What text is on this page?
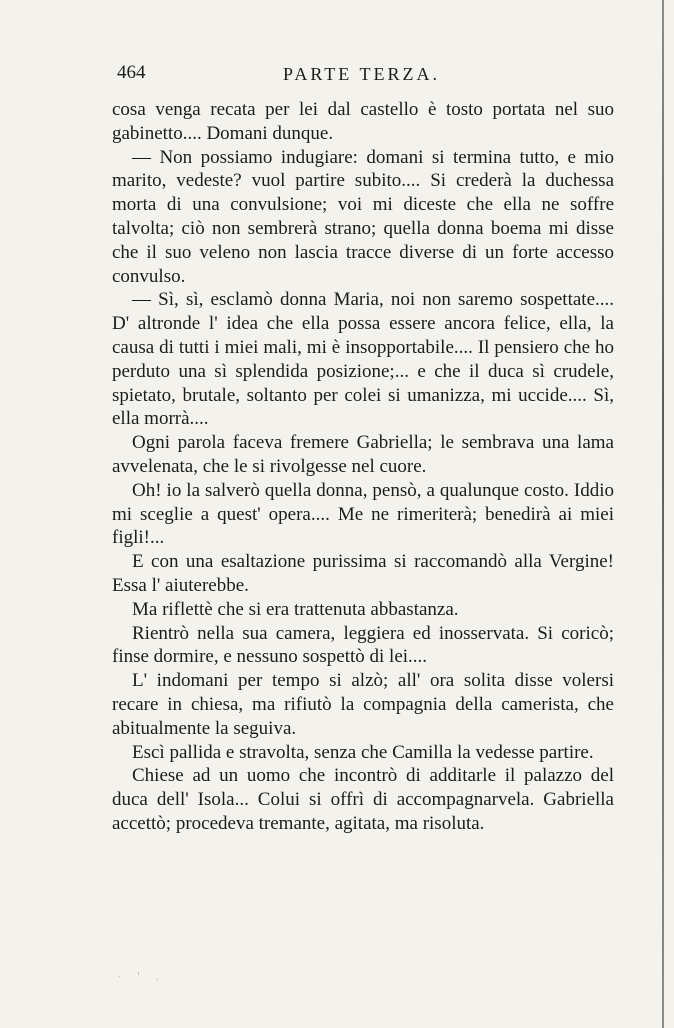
464	PARTE TERZA.

cosa venga recata per lei dal castello è tosto portata nel suo gabinetto.... Domani dunque.

— Non possiamo indugiare: domani si termina tutto, e mio marito, vedeste? vuol partire subito.... Si crederà la duchessa morta di una convulsione; voi mi diceste che ella ne soffre talvolta; ciò non sembrerà strano; quella donna boema mi disse che il suo veleno non lascia tracce diverse di un forte accesso convulso.

— Sì, sì, esclamò donna Maria, noi non saremo sospettate.... D' altronde l' idea che ella possa essere ancora felice, ella, la causa di tutti i miei mali, mi è insopportabile.... Il pensiero che ho perduto una sì splendida posizione;... e che il duca sì crudele, spietato, brutale, soltanto per colei si umanizza, mi uccide.... Sì, ella morrà....

Ogni parola faceva fremere Gabriella; le sembrava una lama avvelenata, che le si rivolgesse nel cuore.

Oh! io la salverò quella donna, pensò, a qualunque costo. Iddio mi sceglie a quest' opera.... Me ne rimeriterà; benedirà ai miei figli!...

E con una esaltazione purissima si raccomandò alla Vergine! Essa l' aiuterebbe.

Ma riflettè che si era trattenuta abbastanza.

Rientrò nella sua camera, leggiera ed inosservata. Si coricò; finse dormire, e nessuno sospettò di lei....

L' indomani per tempo si alzò; all' ora solita disse volersi recare in chiesa, ma rifiutò la compagnia della camerista, che abitualmente la seguiva.

Escì pallida e stravolta, senza che Camilla la vedesse partire.

Chiese ad un uomo che incontrò di additarle il palazzo del duca dell' Isola... Colui si offrì di accompagnarvela. Gabriella accettò; procedeva tremante, agitata, ma risoluta.

· ' .
